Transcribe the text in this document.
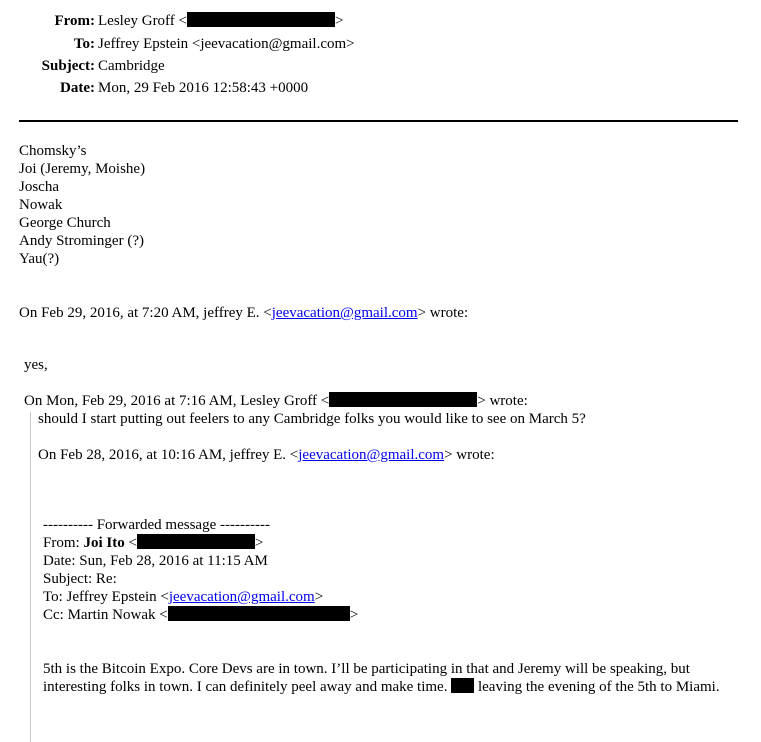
From: Lesley Groff <	>
To: Jeffrey Epstein <jeevacation@gmail.com>
Subject: Cambridge
Date: Mon, 29 Feb 2016 12:58:43 +0000
Chomsky’s
Joi (Jeremy, Moishe)
Joscha
Nowak
George Church
Andy Strominger (?)
Yau(?)
On Feb 29, 2016, at 7:20 AM, jeffrey E. <jeevacation@gmail.com> wrote:
yes,
On Mon, Feb 29, 2016 at 7:16 AM, Lesley Groff <	> wrote:
should I start putting out feelers to any Cambridge folks you would like to see on March 5?
On Feb 28, 2016, at 10:16 AM, jeffrey E. <jeevacation@gmail.com> wrote:
---------- Forwarded message ----------
From: Joi Ito <	>
Date: Sun, Feb 28, 2016 at 11:15 AM
Subject: Re:
To: Jeffrey Epstein <jeevacation@gmail.com>
Cc: Martin Nowak <	>
5th is the Bitcoin Expo. Core Devs are in town. I’ll be participating in that and Jeremy will be speaking, but interesting folks in town. I can definitely peel away and make time.  leaving the evening of the 5th to Miami.
